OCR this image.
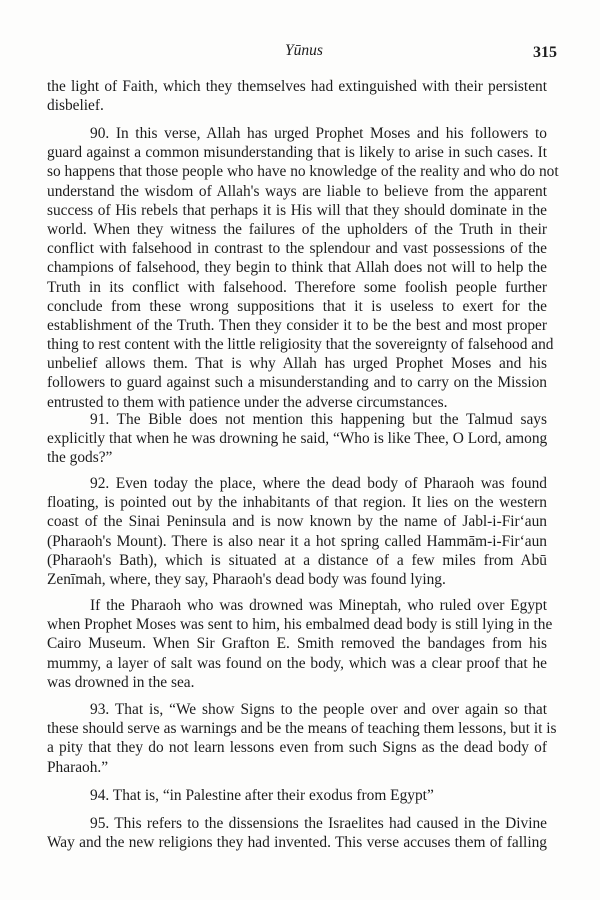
Yūnus	315
the light of Faith, which they themselves had extinguished with their persistent
disbelief.
90. In this verse, Allah has urged Prophet Moses and his followers to
guard against a common misunderstanding that is likely to arise in such cases. It
so happens that those people who have no knowledge of the reality and who do not
understand the wisdom of Allah's ways are liable to believe from the apparent
success of His rebels that perhaps it is His will that they should dominate in the
world. When they witness the failures of the upholders of the Truth in their
conflict with falsehood in contrast to the splendour and vast possessions of the
champions of falsehood, they begin to think that Allah does not will to help the
Truth in its conflict with falsehood. Therefore some foolish people further
conclude from these wrong suppositions that it is useless to exert for the
establishment of the Truth. Then they consider it to be the best and most proper
thing to rest content with the little religiosity that the sovereignty of falsehood and
unbelief allows them. That is why Allah has urged Prophet Moses and his
followers to guard against such a misunderstanding and to carry on the Mission
entrusted to them with patience under the adverse circumstances.
91. The Bible does not mention this happening but the Talmud says
explicitly that when he was drowning he said, “Who is like Thee, O Lord, among
the gods?”
92. Even today the place, where the dead body of Pharaoh was found
floating, is pointed out by the inhabitants of that region. It lies on the western
coast of the Sinai Peninsula and is now known by the name of Jabl-i-Fir‘aun
(Pharaoh's Mount). There is also near it a hot spring called Hammām-i-Fir‘aun
(Pharaoh's Bath), which is situated at a distance of a few miles from Abū
Zenīmah, where, they say, Pharaoh's dead body was found lying.
If the Pharaoh who was drowned was Mineptah, who ruled over Egypt
when Prophet Moses was sent to him, his embalmed dead body is still lying in the
Cairo Museum. When Sir Grafton E. Smith removed the bandages from his
mummy, a layer of salt was found on the body, which was a clear proof that he
was drowned in the sea.
93. That is, “We show Signs to the people over and over again so that
these should serve as warnings and be the means of teaching them lessons, but it is
a pity that they do not learn lessons even from such Signs as the dead body of
Pharaoh.”
94. That is, “in Palestine after their exodus from Egypt”
95. This refers to the dissensions the Israelites had caused in the Divine
Way and the new religions they had invented. This verse accuses them of falling
